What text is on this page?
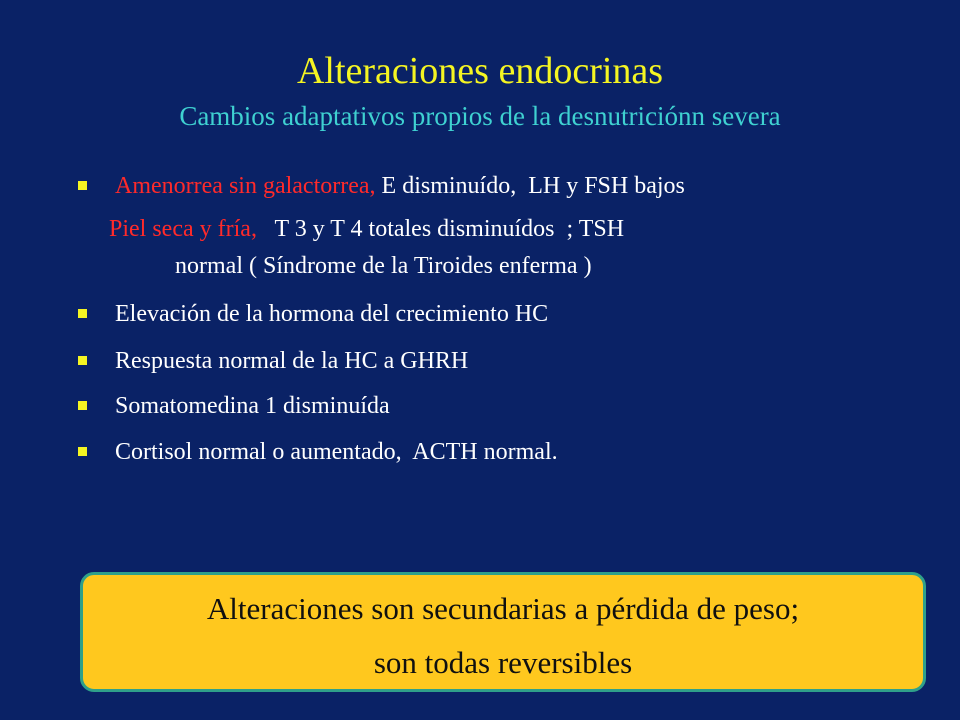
Alteraciones endocrinas
Cambios adaptativos propios de la desnutriciónn severa
Amenorrea sin galactorrea, E disminuído,  LH y FSH bajos
Piel seca y fría,   T 3 y T 4 totales disminuídos  ; TSH
normal ( Síndrome de la Tiroides enferma )
Elevación de la hormona del crecimiento HC
Respuesta normal de la HC a GHRH
Somatomedina 1 disminuída
Cortisol normal o aumentado,  ACTH normal.
Alteraciones son secundarias a pérdida de peso;
son todas reversibles
